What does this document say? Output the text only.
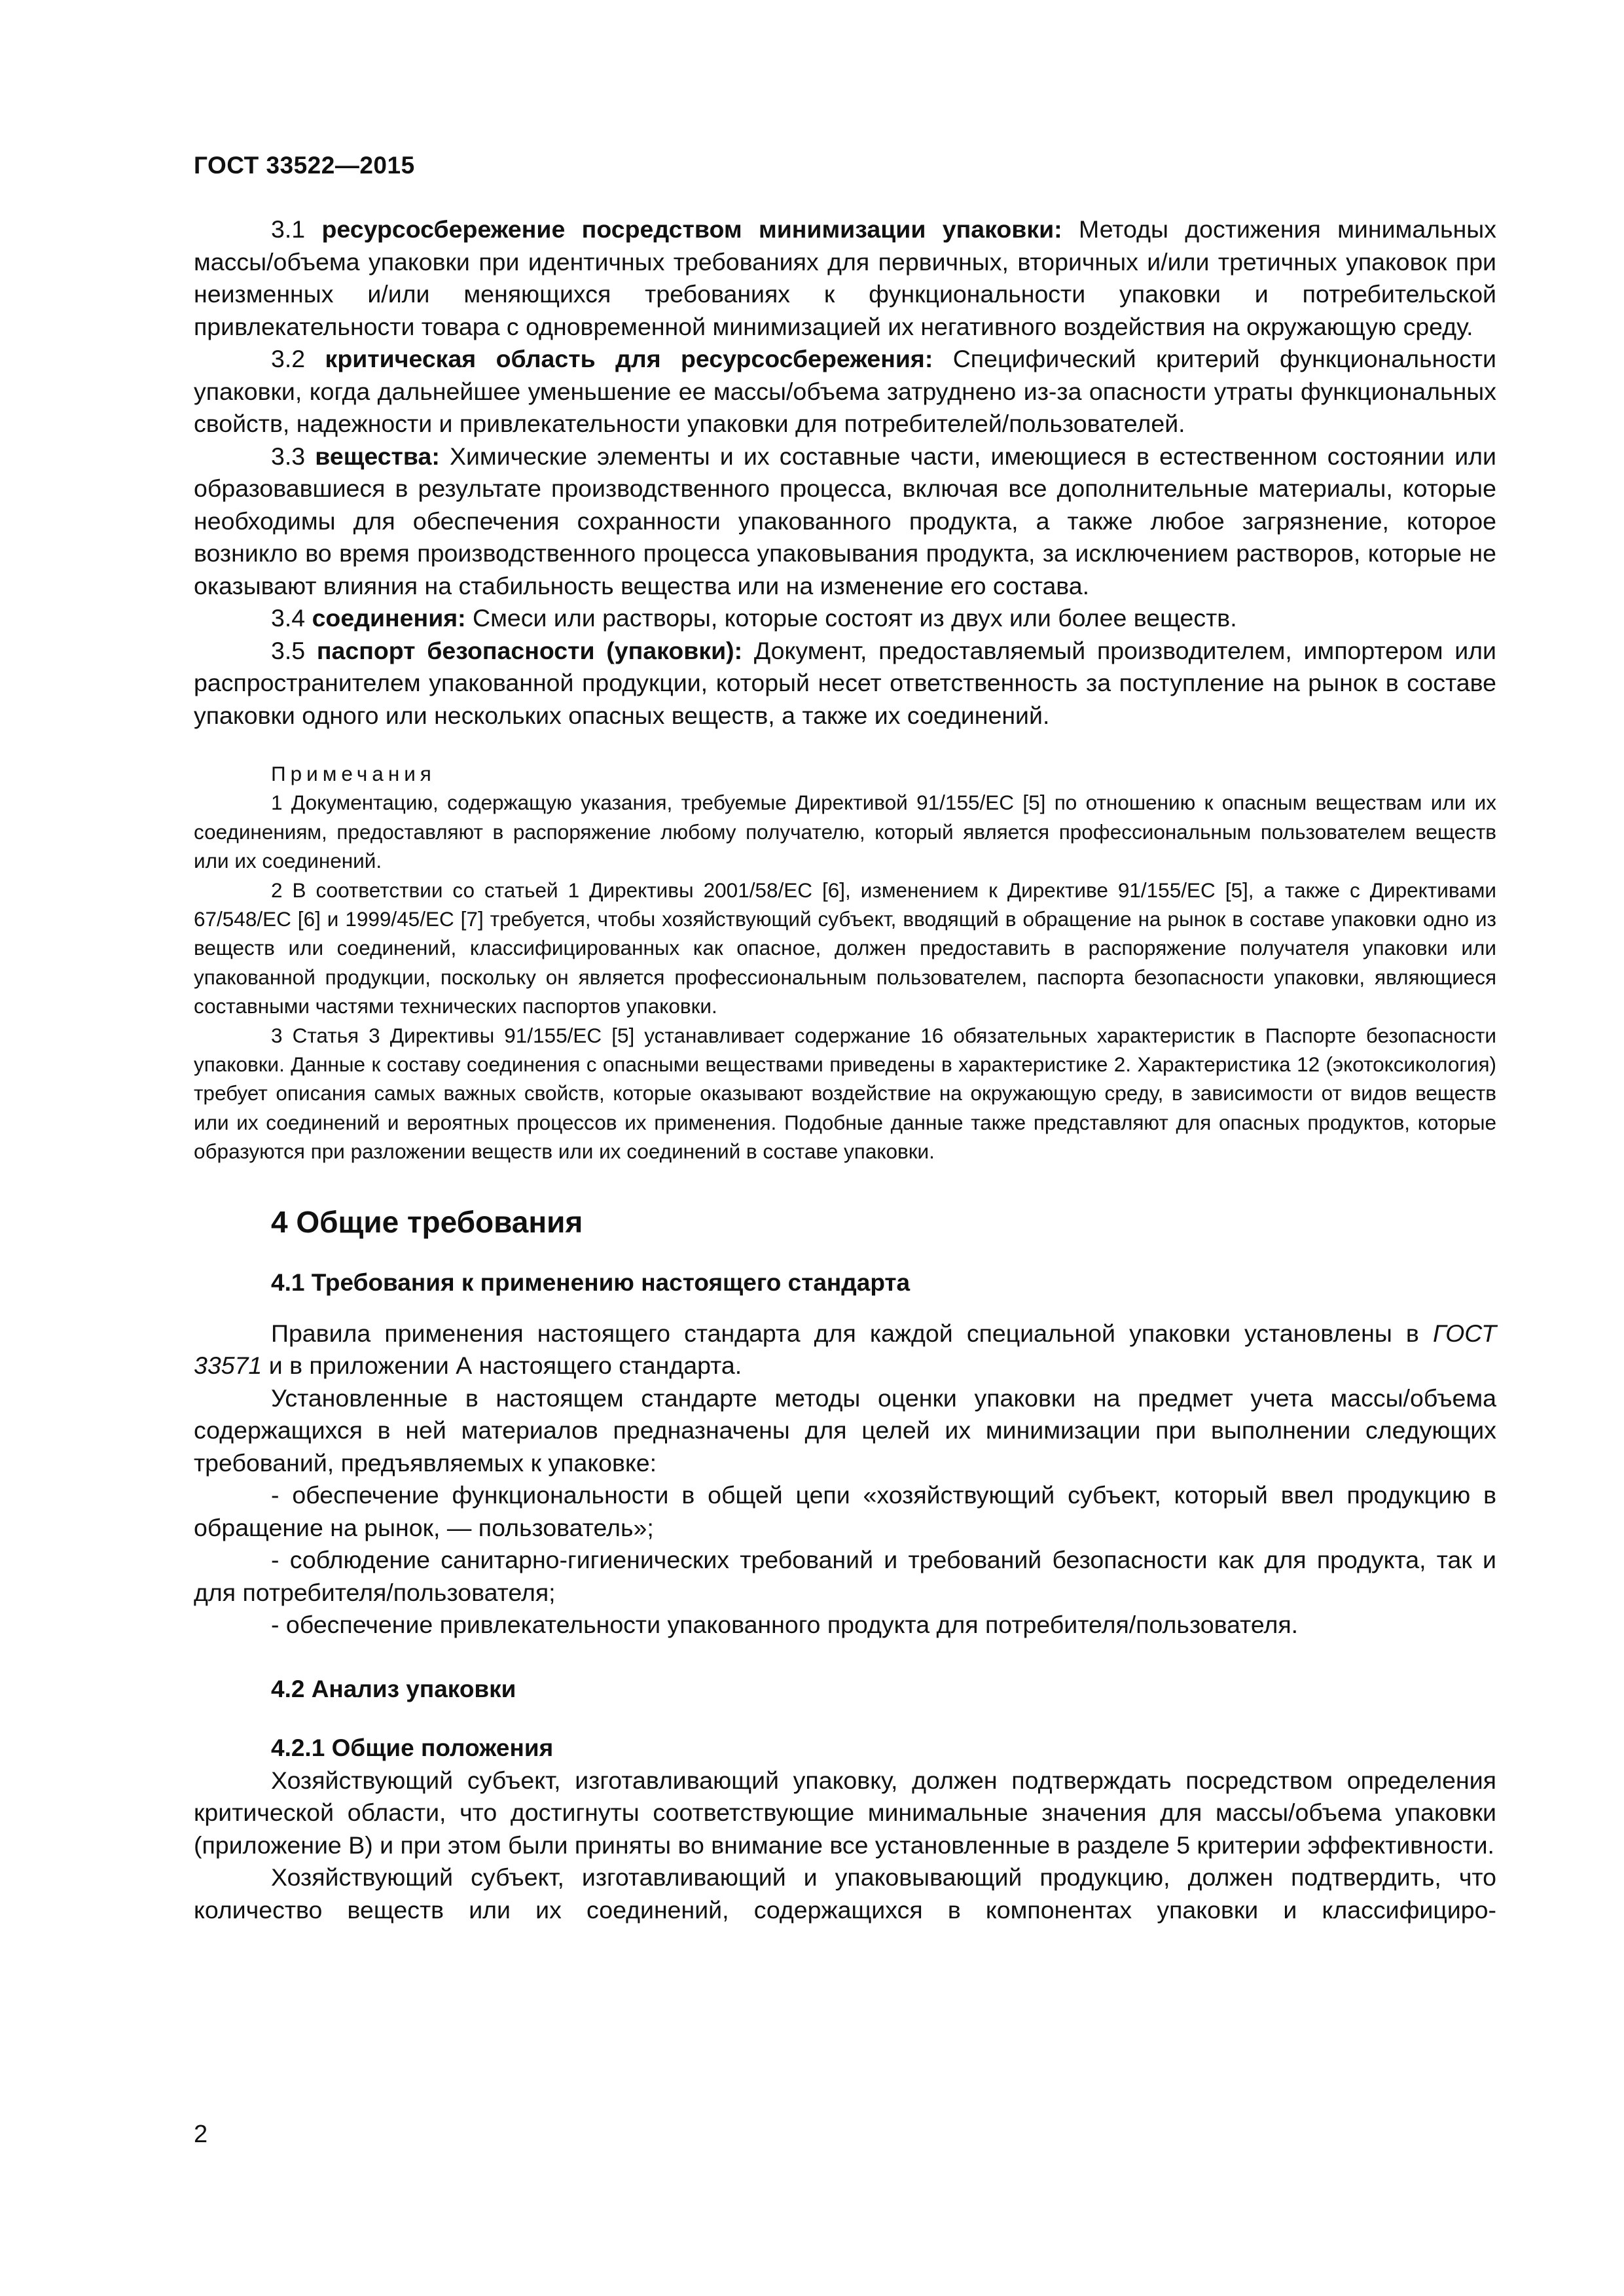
ГОСТ 33522—2015

3.1 ресурсосбережение посредством минимизации упаковки: Методы достижения минимальных массы/объема упаковки при идентичных требованиях для первичных, вторичных и/или третичных упаковок при неизменных и/или меняющихся требованиях к функциональности упаковки и потребительской привлекательности товара с одновременной минимизацией их негативного воздействия на окружающую среду.

3.2 критическая область для ресурсосбережения: Специфический критерий функциональности упаковки, когда дальнейшее уменьшение ее массы/объема затруднено из-за опасности утраты функциональных свойств, надежности и привлекательности упаковки для потребителей/пользователей.

3.3 вещества: Химические элементы и их составные части, имеющиеся в естественном состоянии или образовавшиеся в результате производственного процесса, включая все дополнительные материалы, которые необходимы для обеспечения сохранности упакованного продукта, а также любое загрязнение, которое возникло во время производственного процесса упаковывания продукта, за исключением растворов, которые не оказывают влияния на стабильность вещества или на изменение его состава.

3.4 соединения: Смеси или растворы, которые состоят из двух или более веществ.

3.5 паспорт безопасности (упаковки): Документ, предоставляемый производителем, импортером или распространителем упакованной продукции, который несет ответственность за поступление на рынок в составе упаковки одного или нескольких опасных веществ, а также их соединений.

Примечания

1 Документацию, содержащую указания, требуемые Директивой 91/155/ЕС [5] по отношению к опасным веществам или их соединениям, предоставляют в распоряжение любому получателю, который является профессиональным пользователем веществ или их соединений.

2 В соответствии со статьей 1 Директивы 2001/58/ЕС [6], изменением к Директиве 91/155/ЕС [5], а также с Директивами 67/548/ЕС [6] и 1999/45/ЕС [7] требуется, чтобы хозяйствующий субъект, вводящий в обращение на рынок в составе упаковки одно из веществ или соединений, классифицированных как опасное, должен предоставить в распоряжение получателя упаковки или упакованной продукции, поскольку он является профессиональным пользователем, паспорта безопасности упаковки, являющиеся составными частями технических паспортов упаковки.

3 Статья 3 Директивы 91/155/ЕС [5] устанавливает содержание 16 обязательных характеристик в Паспорте безопасности упаковки. Данные к составу соединения с опасными веществами приведены в характеристике 2. Характеристика 12 (экотоксикология) требует описания самых важных свойств, которые оказывают воздействие на окружающую среду, в зависимости от видов веществ или их соединений и вероятных процессов их применения. Подобные данные также представляют для опасных продуктов, которые образуются при разложении веществ или их соединений в составе упаковки.

4 Общие требования
4.1 Требования к применению настоящего стандарта

Правила применения настоящего стандарта для каждой специальной упаковки установлены в ГОСТ 33571 и в приложении А настоящего стандарта.

Установленные в настоящем стандарте методы оценки упаковки на предмет учета массы/объема содержащихся в ней материалов предназначены для целей их минимизации при выполнении следующих требований, предъявляемых к упаковке:

- обеспечение функциональности в общей цепи «хозяйствующий субъект, который ввел продукцию в обращение на рынок, — пользователь»;

- соблюдение санитарно-гигиенических требований и требований безопасности как для продукта, так и для потребителя/пользователя;

- обеспечение привлекательности упакованного продукта для потребителя/пользователя.

4.2 Анализ упаковки
4.2.1 Общие положения

Хозяйствующий субъект, изготавливающий упаковку, должен подтверждать посредством определения критической области, что достигнуты соответствующие минимальные значения для массы/объема упаковки (приложение В) и при этом были приняты во внимание все установленные в разделе 5 критерии эффективности.

Хозяйствующий субъект, изготавливающий и упаковывающий продукцию, должен подтвердить, что количество веществ или их соединений, содержащихся в компонентах упаковки и классифициро-

2
